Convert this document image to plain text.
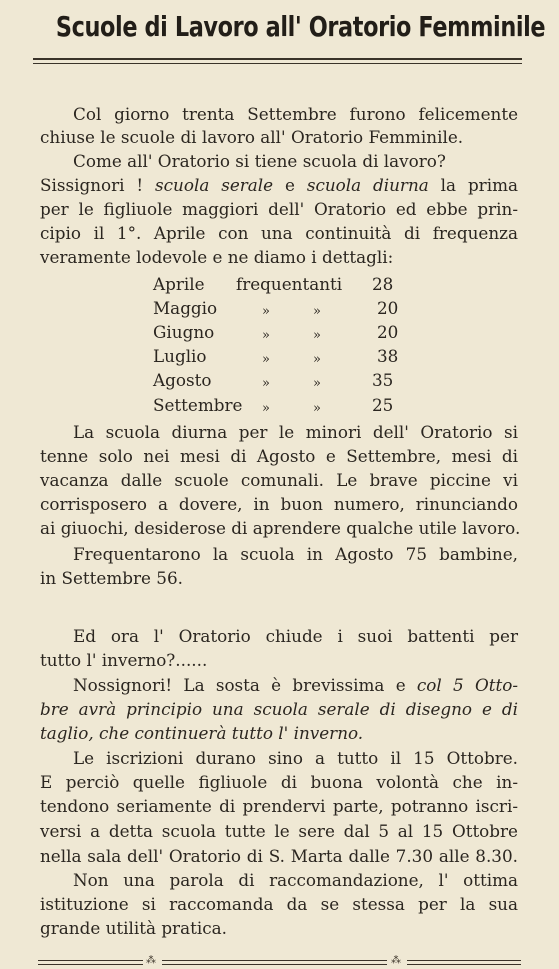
Scuole di Lavoro all' Oratorio Femminile
Col giorno trenta Settembre furono felicemente
chiuse le scuole di lavoro all' Oratorio Femminile.
Come all' Oratorio si tiene scuola di lavoro?
Sissignori ! scuola serale e scuola diurna la prima
per le figliuole maggiori dell' Oratorio ed ebbe prin-
cipio il 1°. Aprile con una continuità di frequenza
veramente lodevole e ne diamo i dettagli:
Aprile frequentanti 28
Maggio	»	»	20
Giugno	»	»	20
Luglio	»	»	38
Agosto	»	»	35
Settembre »	»	25
La scuola diurna per le minori dell' Oratorio si
tenne solo nei mesi di Agosto e Settembre, mesi di
vacanza dalle scuole comunali. Le brave piccine vi
corrisposero a dovere, in buon numero, rinunciando
ai giuochi, desiderose di aprendere qualche utile lavoro.
Frequentarono la scuola in Agosto 75 bambine,
in Settembre 56.
Ed ora l' Oratorio chiude i suoi battenti per
tutto l' inverno?......
Nossignori! La sosta è brevissima e col 5 Otto-
bre avrà principio una scuola serale di disegno e di
taglio, che continuerà tutto l' inverno.
Le iscrizioni durano sino a tutto il 15 Ottobre.
E perciò quelle figliuole di buona volontà che in-
tendono seriamente di prendervi parte, potranno iscri-
versi a detta scuola tutte le sere dal 5 al 15 Ottobre
nella sala dell' Oratorio di S. Marta dalle 7.30 alle 8.30.
Non una parola di raccomandazione, l' ottima
istituzione si raccomanda da se stessa per la sua
grande utilità pratica.
⁂	⁂
